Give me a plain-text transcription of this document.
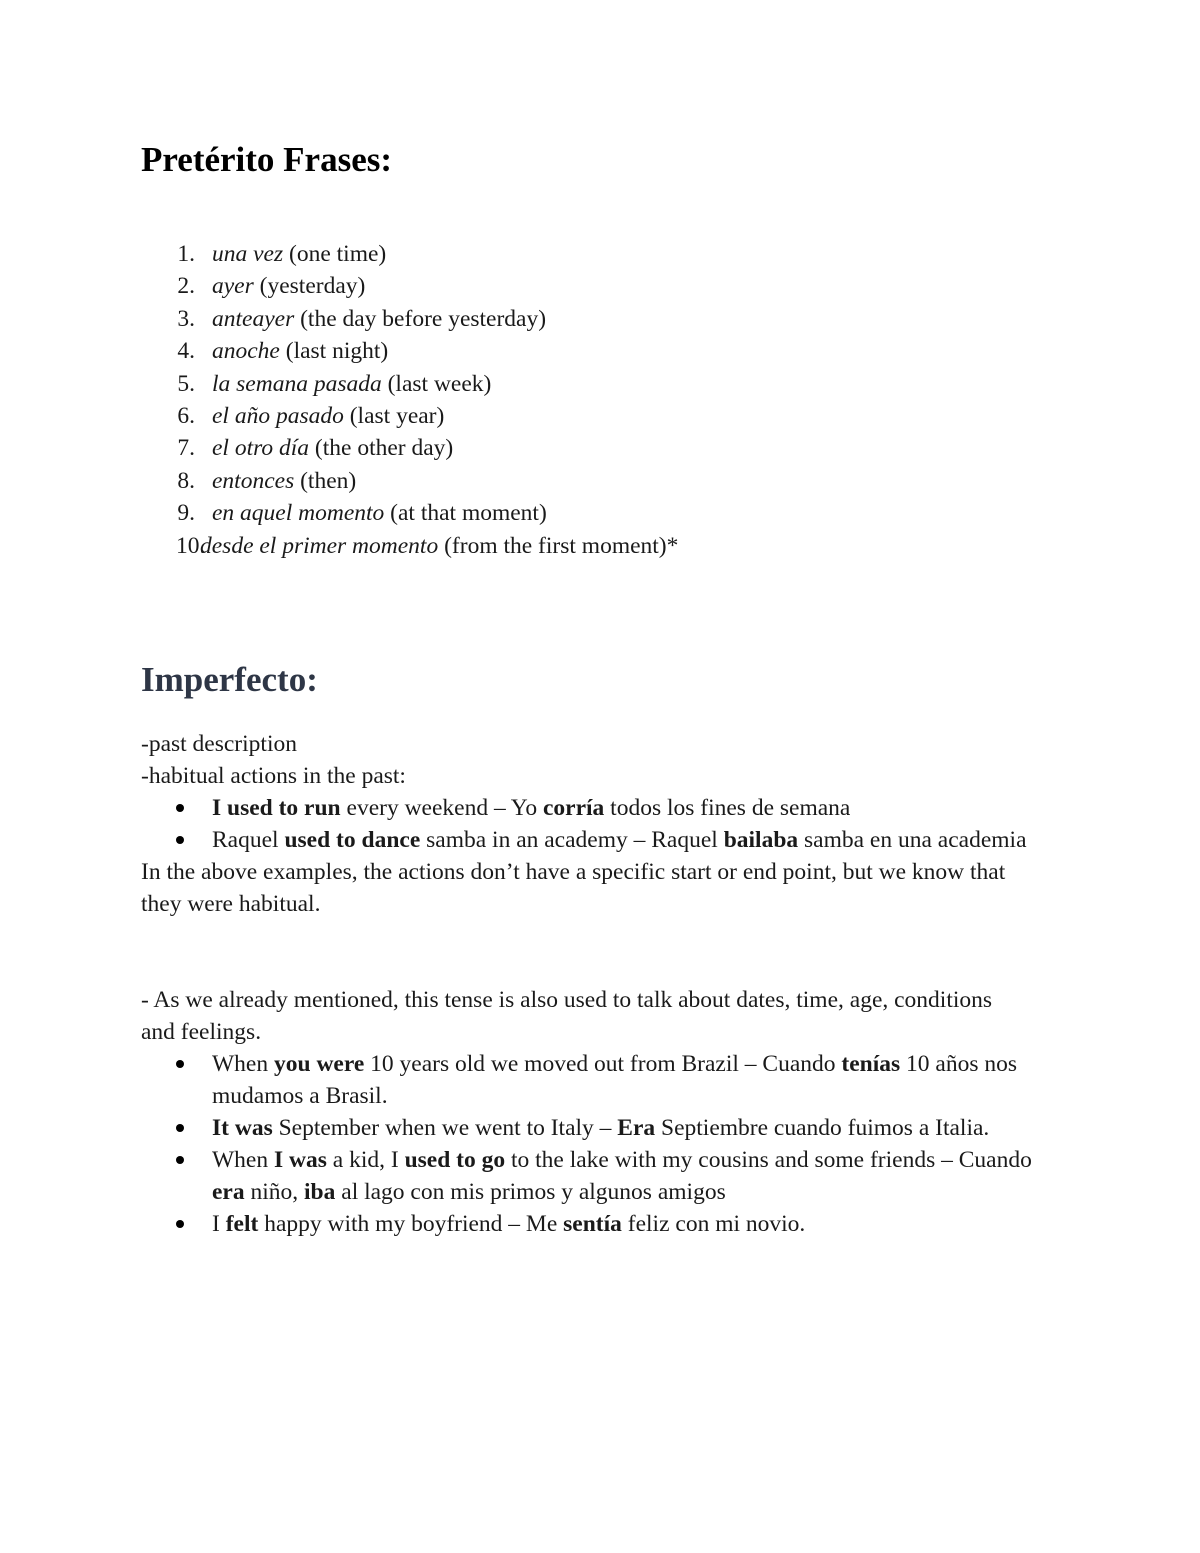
Pretérito Frases:
1. una vez (one time)
2. ayer (yesterday)
3. anteayer (the day before yesterday)
4. anoche (last night)
5. la semana pasada (last week)
6. el año pasado (last year)
7. el otro día (the other day)
8. entonces (then)
9. en aquel momento (at that moment)
10.
desde el primer momento (from the first moment)*
Imperfecto:

-past description

-habitual actions in the past:

I used to run every weekend – Yo corría todos los fines de semana
Raquel used to dance samba in an academy – Raquel bailaba samba en una academia

In the above examples, the actions don’t have a specific start or end point, but we know that they were habitual.

- As we already mentioned, this tense is also used to talk about dates, time, age, conditions and feelings.

When you were 10 years old we moved out from Brazil – Cuando tenías 10 años nos mudamos a Brasil.
It was September when we went to Italy – Era Septiembre cuando fuimos a Italia.
When I was a kid, I used to go to the lake with my cousins and some friends – Cuando era niño, iba al lago con mis primos y algunos amigos
I felt happy with my boyfriend – Me sentía feliz con mi novio.
